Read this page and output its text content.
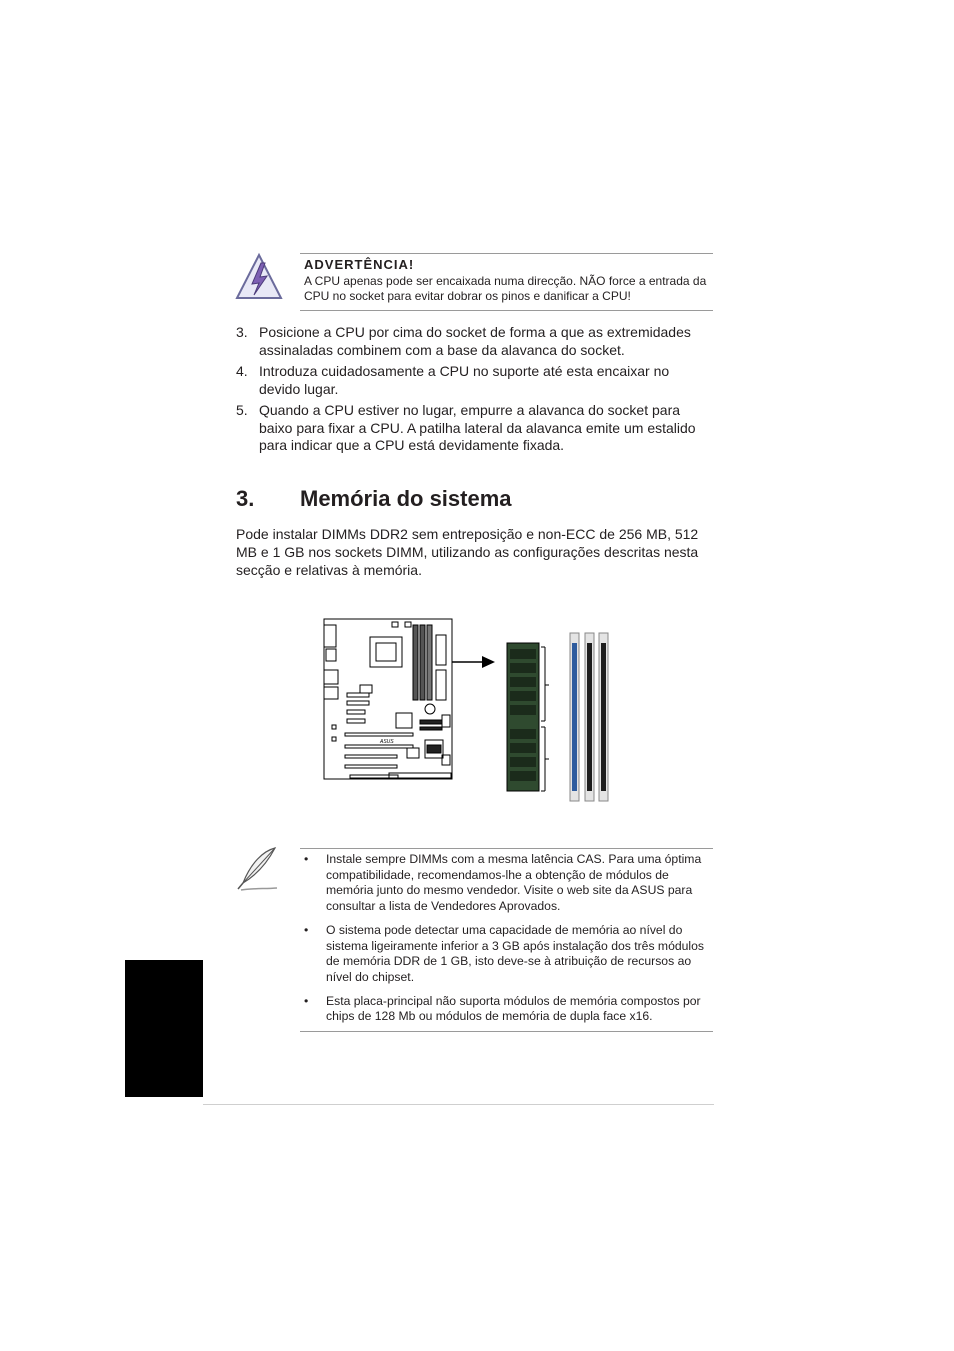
ADVERTÊNCIA!

A CPU apenas pode ser encaixada numa direcção. NÃO force a entrada da CPU no socket para evitar dobrar os pinos e danificar a CPU!

3. Posicione a CPU por cima do socket de forma a que as extremidades assinaladas combinem com a base da alavanca do socket.
4. Introduza cuidadosamente a CPU no suporte até esta encaixar no devido lugar.
5. Quando a CPU estiver no lugar, empurre a alavanca do socket para baixo para fixar a CPU. A patilha lateral da alavanca emite um estalido para indicar que a CPU está devidamente fixada.
3. Memória do sistema

Pode instalar DIMMs DDR2 sem entreposição e non-ECC de 256 MB, 512 MB e 1 GB nos sockets DIMM, utilizando as configurações descritas nesta secção e relativas à memória.

ASUS
• Instale sempre DIMMs com a mesma latência CAS. Para uma óptima compatibilidade, recomendamos-lhe a obtenção de módulos de memória junto do mesmo vendedor. Visite o web site da ASUS para consultar a lista de Vendedores Aprovados.
• O sistema pode detectar uma capacidade de memória ao nível do sistema ligeiramente inferior a 3 GB após instalação dos três módulos de memória DDR de 1 GB, isto deve-se à atribuição de recursos ao nível do chipset.
• Esta placa-principal não suporta módulos de memória compostos por chips de 128 Mb ou módulos de memória de dupla face x16.
